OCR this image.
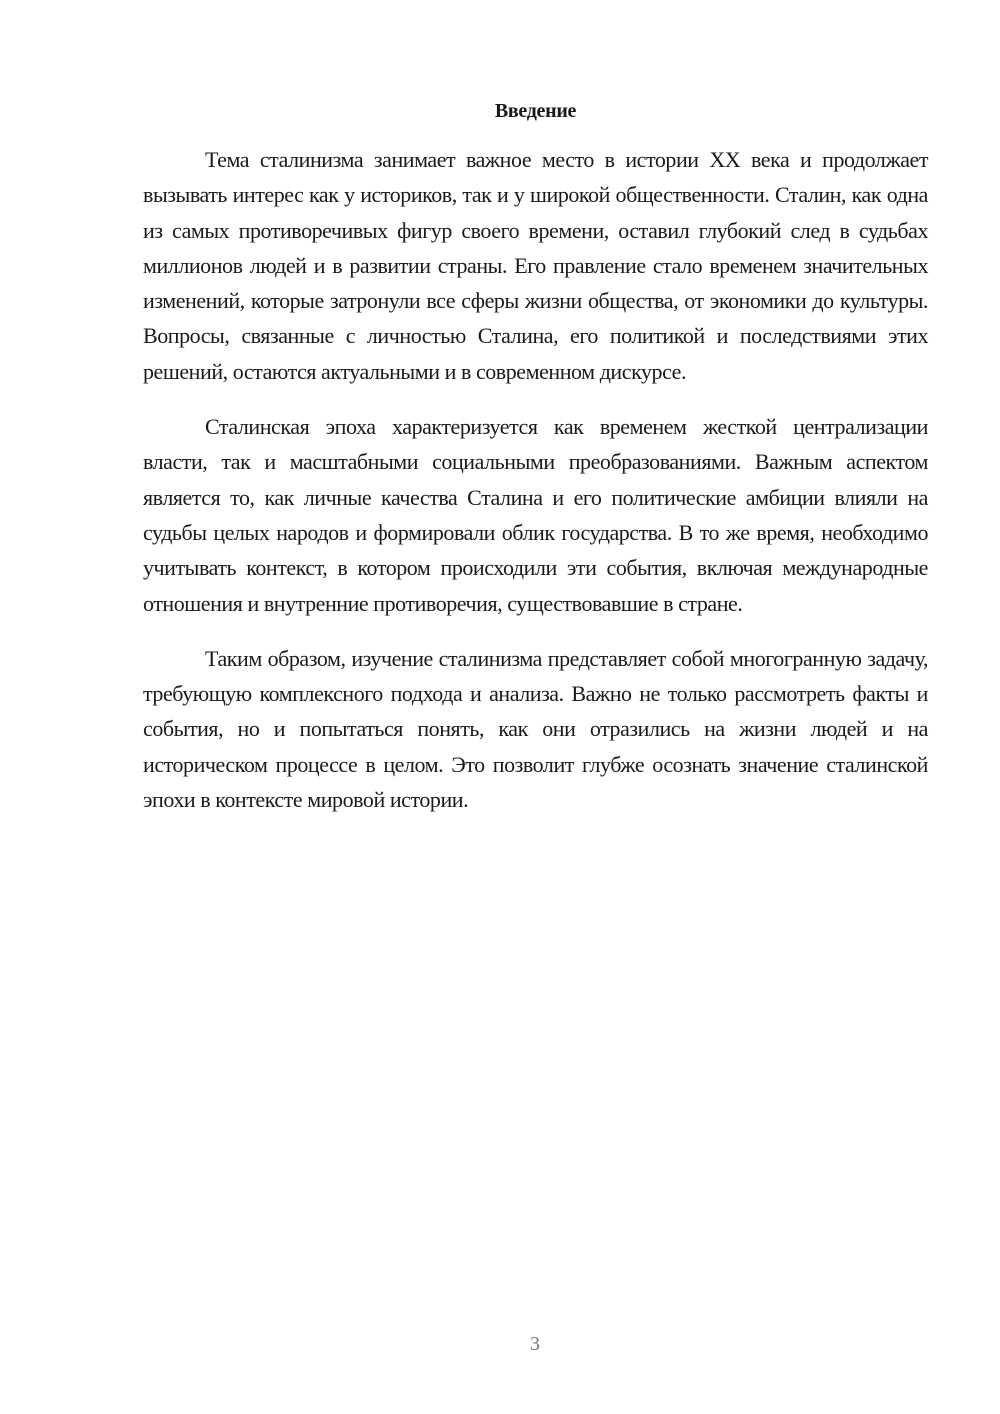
Введение

Тема сталинизма занимает важное место в истории XX века и продолжает вызывать интерес как у историков, так и у широкой общественности. Сталин, как одна из самых противоречивых фигур своего времени, оставил глубокий след в судьбах миллионов людей и в развитии страны. Его правление стало временем значительных изменений, которые затронули все сферы жизни общества, от экономики до культуры. Вопросы, связанные с личностью Сталина, его политикой и последствиями этих решений, остаются актуальными и в современном дискурсе.

Сталинская эпоха характеризуется как временем жесткой централизации власти, так и масштабными социальными преобразованиями. Важным аспектом является то, как личные качества Сталина и его политические амбиции влияли на судьбы целых народов и формировали облик государства. В то же время, необходимо учитывать контекст, в котором происходили эти события, включая международные отношения и внутренние противоречия, существовавшие в стране.

Таким образом, изучение сталинизма представляет собой многогранную задачу, требующую комплексного подхода и анализа. Важно не только рассмотреть факты и события, но и попытаться понять, как они отразились на жизни людей и на историческом процессе в целом. Это позволит глубже осознать значение сталинской эпохи в контексте мировой истории.

3
